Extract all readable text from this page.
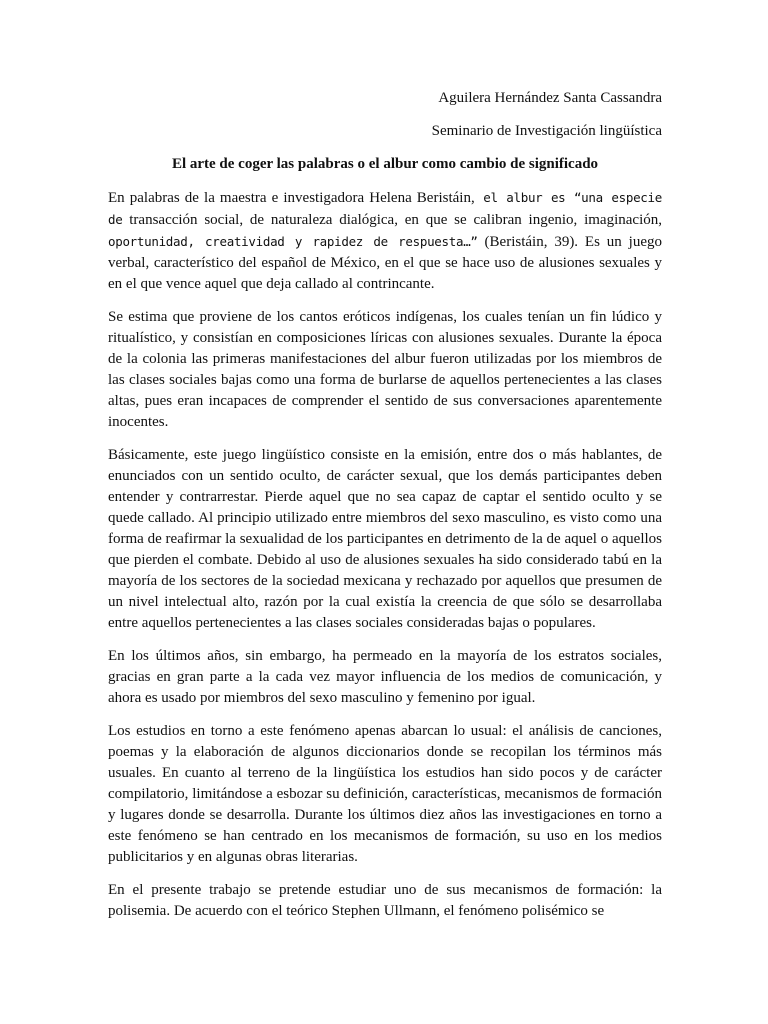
Aguilera Hernández Santa Cassandra

Seminario de Investigación lingüística

El arte de coger las palabras o el albur como cambio de significado

En palabras de la maestra e investigadora Helena Beristáin, el albur es “una especie de transacción social, de naturaleza dialógica, en que se calibran ingenio, imaginación, oportunidad, creatividad y rapidez de respuesta…” (Beristáin, 39). Es un juego verbal, característico del español de México, en el que se hace uso de alusiones sexuales y en el que vence aquel que deja callado al contrincante.

Se estima que proviene de los cantos eróticos indígenas, los cuales tenían un fin lúdico y ritualístico, y consistían en composiciones líricas con alusiones sexuales. Durante la época de la colonia las primeras manifestaciones del albur fueron utilizadas por los miembros de las clases sociales bajas como una forma de burlarse de aquellos pertenecientes a las clases altas, pues eran incapaces de comprender el sentido de sus conversaciones aparentemente inocentes.

Básicamente, este juego lingüístico consiste en la emisión, entre dos o más hablantes, de enunciados con un sentido oculto, de carácter sexual, que los demás participantes deben entender y contrarrestar. Pierde aquel que no sea capaz de captar el sentido oculto y se quede callado. Al principio utilizado entre miembros del sexo masculino, es visto como una forma de reafirmar la sexualidad de los participantes en detrimento de la de aquel o aquellos que pierden el combate. Debido al uso de alusiones sexuales ha sido considerado tabú en la mayoría de los sectores de la sociedad mexicana y rechazado por aquellos que presumen de un nivel intelectual alto, razón por la cual existía la creencia de que sólo se desarrollaba entre aquellos pertenecientes a las clases sociales consideradas bajas o populares.

En los últimos años, sin embargo, ha permeado en la mayoría de los estratos sociales, gracias en gran parte a la cada vez mayor influencia de los medios de comunicación, y ahora es usado por miembros del sexo masculino y femenino por igual.

Los estudios en torno a este fenómeno apenas abarcan lo usual: el análisis de canciones, poemas y la elaboración de algunos diccionarios donde se recopilan los términos más usuales. En cuanto al terreno de la lingüística los estudios han sido pocos y de carácter compilatorio, limitándose a esbozar su definición, características, mecanismos de formación y lugares donde se desarrolla. Durante los últimos diez años las investigaciones en torno a este fenómeno se han centrado en los mecanismos de formación, su uso en los medios publicitarios y en algunas obras literarias.

En el presente trabajo se pretende estudiar uno de sus mecanismos de formación: la polisemia. De acuerdo con el teórico Stephen Ullmann, el fenómeno polisémico se
